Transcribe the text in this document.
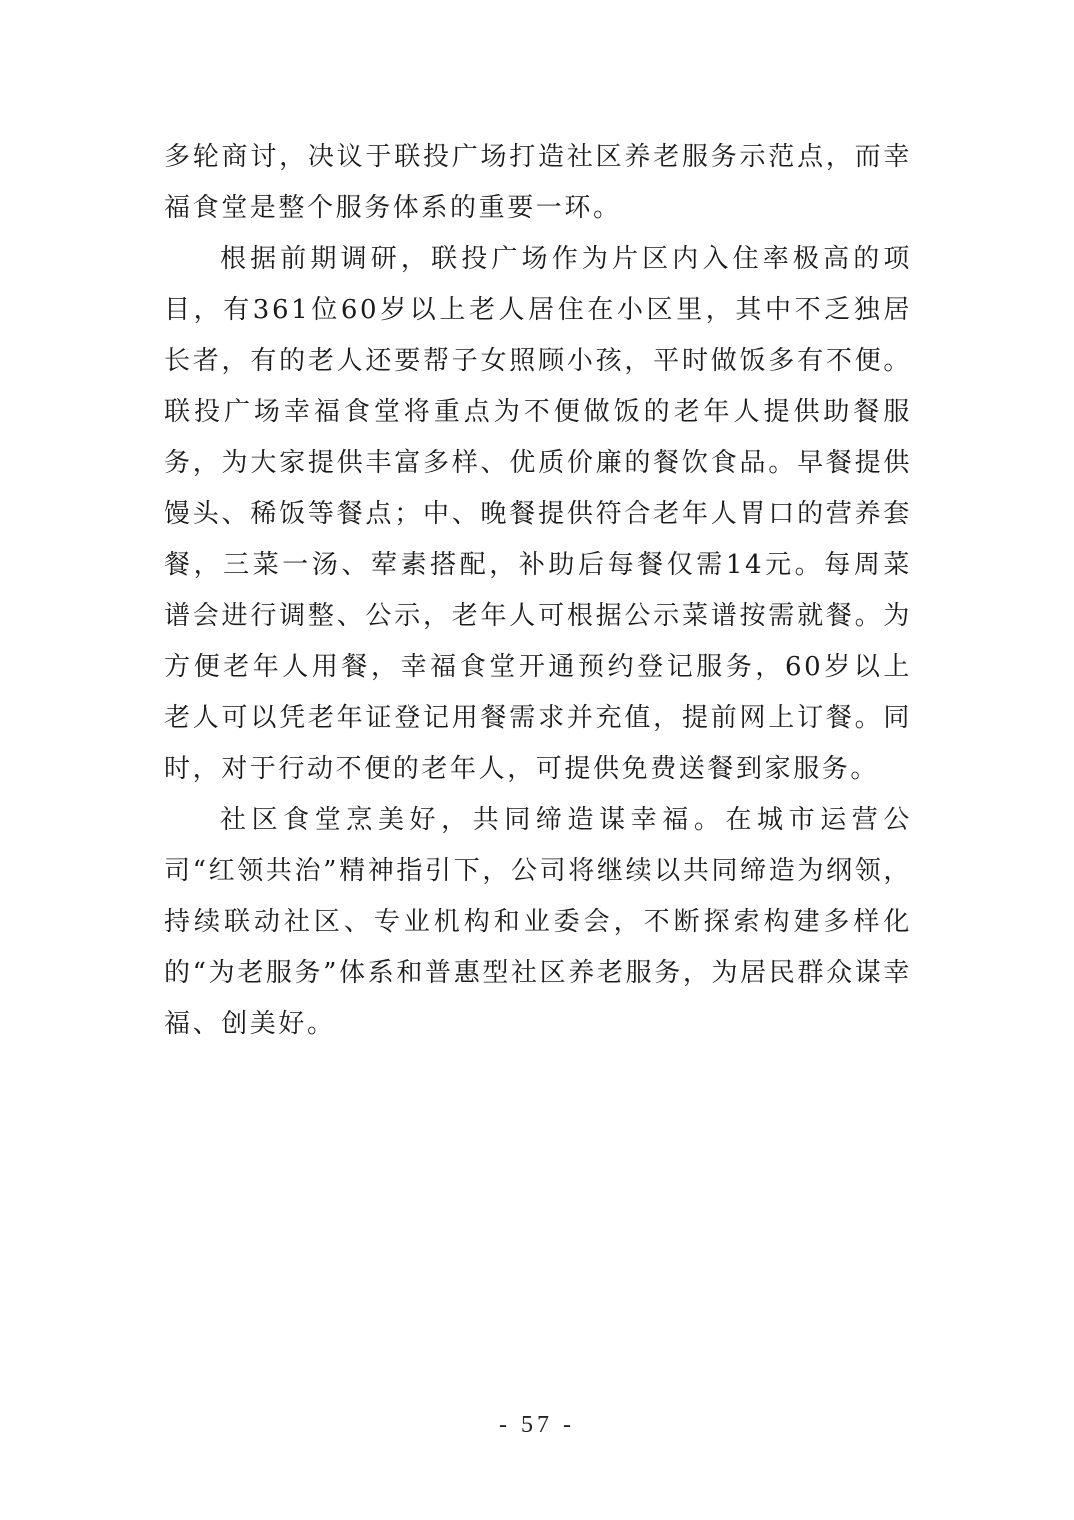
多轮商讨，决议于联投广场打造社区养老服务示范点，而幸福食堂是整个服务体系的重要一环。

根据前期调研，联投广场作为片区内入住率极高的项目，有361位60岁以上老人居住在小区里，其中不乏独居长者，有的老人还要帮子女照顾小孩，平时做饭多有不便。联投广场幸福食堂将重点为不便做饭的老年人提供助餐服务，为大家提供丰富多样、优质价廉的餐饮食品。早餐提供馒头、稀饭等餐点；中、晚餐提供符合老年人胃口的营养套餐，三菜一汤、荤素搭配，补助后每餐仅需14元。每周菜谱会进行调整、公示，老年人可根据公示菜谱按需就餐。为方便老年人用餐，幸福食堂开通预约登记服务，60岁以上老人可以凭老年证登记用餐需求并充值，提前网上订餐。同时，对于行动不便的老年人，可提供免费送餐到家服务。

社区食堂烹美好，共同缔造谋幸福。在城市运营公司“红领共治”精神指引下，公司将继续以共同缔造为纲领，持续联动社区、专业机构和业委会，不断探索构建多样化的“为老服务”体系和普惠型社区养老服务，为居民群众谋幸福、创美好。

- 57 -
